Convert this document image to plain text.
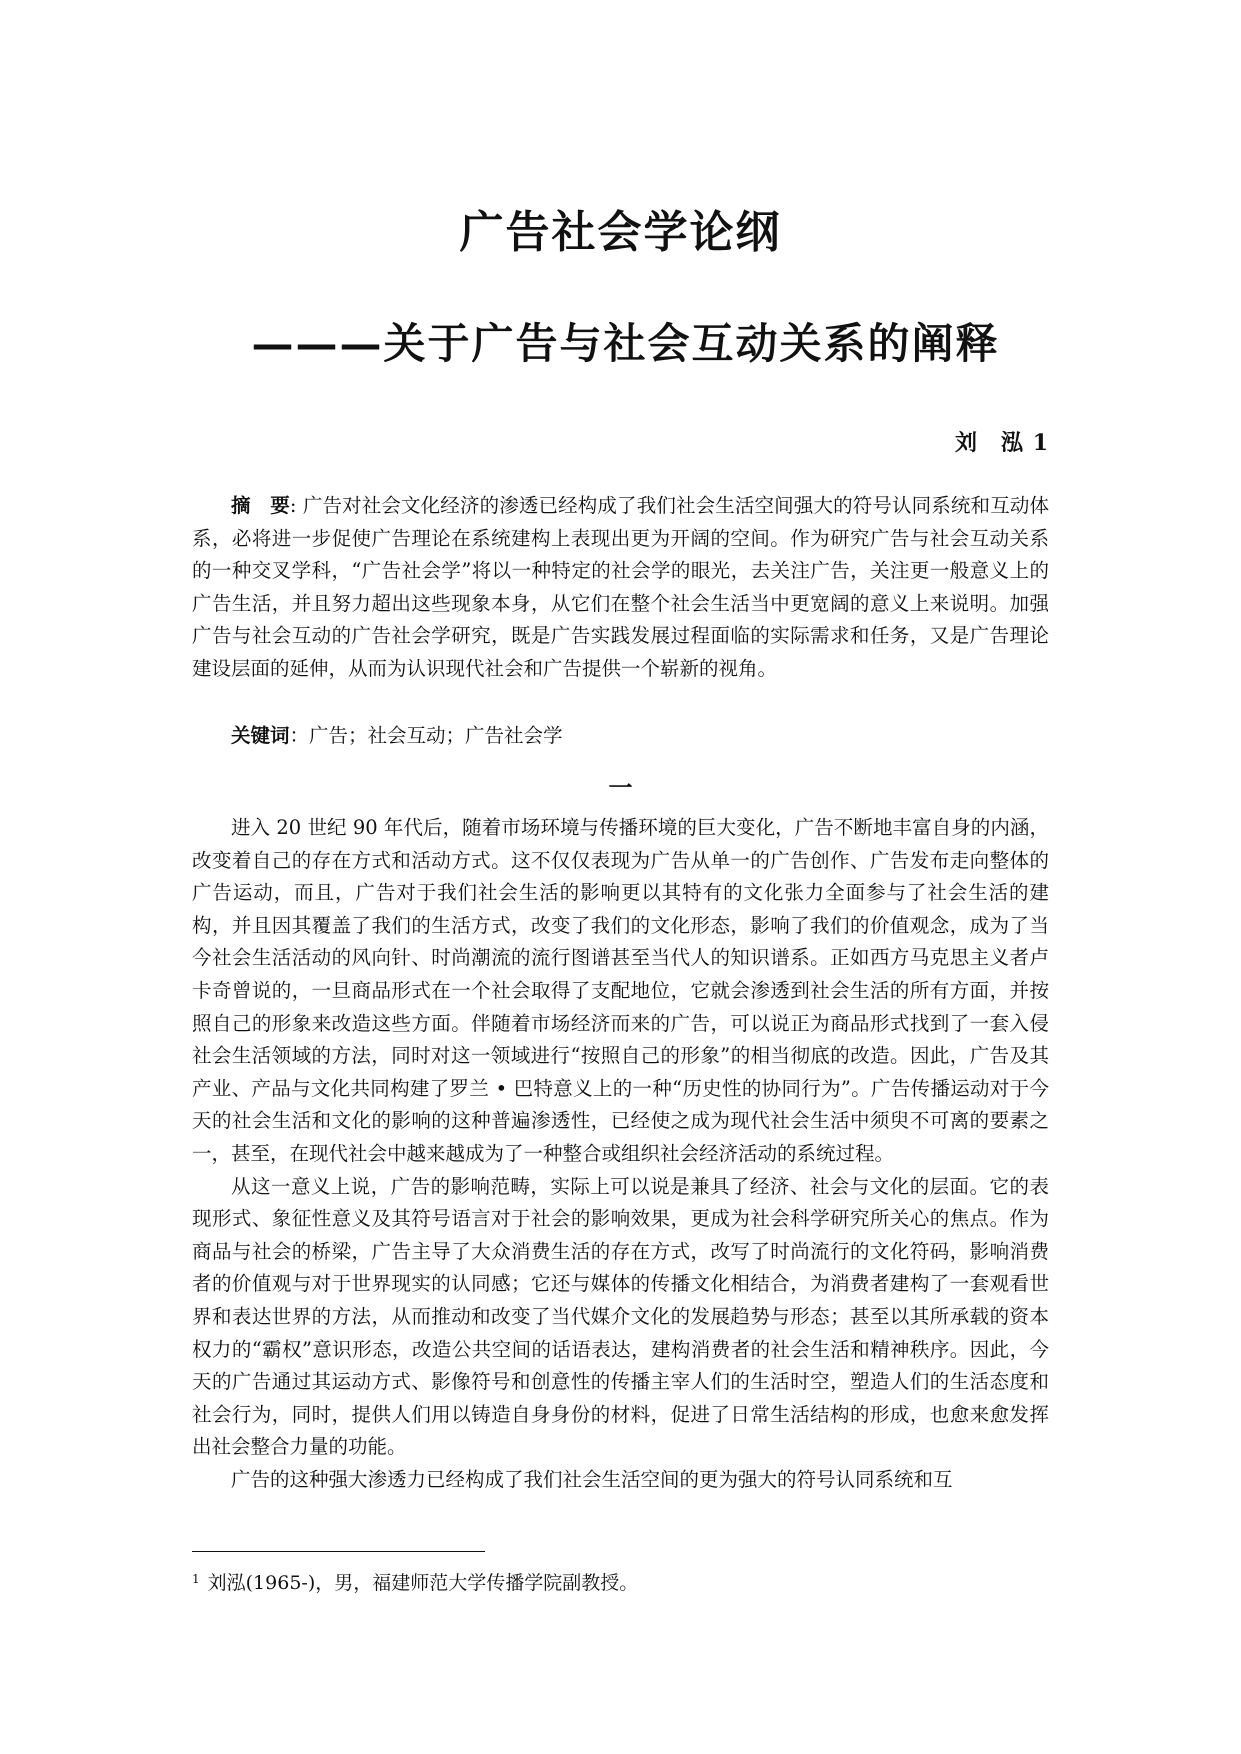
广告社会学论纲
———关于广告与社会互动关系的阐释
刘　泓 1

摘　要: 广告对社会文化经济的渗透已经构成了我们社会生活空间强大的符号认同系统和互动体系，必将进一步促使广告理论在系统建构上表现出更为开阔的空间。作为研究广告与社会互动关系的一种交叉学科，“广告社会学”将以一种特定的社会学的眼光，去关注广告，关注更一般意义上的广告生活，并且努力超出这些现象本身，从它们在整个社会生活当中更宽阔的意义上来说明。加强广告与社会互动的广告社会学研究，既是广告实践发展过程面临的实际需求和任务，又是广告理论建设层面的延伸，从而为认识现代社会和广告提供一个崭新的视角。

关键词：广告；社会互动；广告社会学

一

进入 20 世纪 90 年代后，随着市场环境与传播环境的巨大变化，广告不断地丰富自身的内涵，改变着自己的存在方式和活动方式。这不仅仅表现为广告从单一的广告创作、广告发布走向整体的广告运动，而且，广告对于我们社会生活的影响更以其特有的文化张力全面参与了社会生活的建构，并且因其覆盖了我们的生活方式，改变了我们的文化形态，影响了我们的价值观念，成为了当今社会生活活动的风向针、时尚潮流的流行图谱甚至当代人的知识谱系。正如西方马克思主义者卢卡奇曾说的，一旦商品形式在一个社会取得了支配地位，它就会渗透到社会生活的所有方面，并按照自己的形象来改造这些方面。伴随着市场经济而来的广告，可以说正为商品形式找到了一套入侵社会生活领域的方法，同时对这一领域进行“按照自己的形象”的相当彻底的改造。因此，广告及其产业、产品与文化共同构建了罗兰 • 巴特意义上的一种“历史性的协同行为”。广告传播运动对于今天的社会生活和文化的影响的这种普遍渗透性，已经使之成为现代社会生活中须臾不可离的要素之一，甚至，在现代社会中越来越成为了一种整合或组织社会经济活动的系统过程。

从这一意义上说，广告的影响范畴，实际上可以说是兼具了经济、社会与文化的层面。它的表现形式、象征性意义及其符号语言对于社会的影响效果，更成为社会科学研究所关心的焦点。作为商品与社会的桥梁，广告主导了大众消费生活的存在方式，改写了时尚流行的文化符码，影响消费者的价值观与对于世界现实的认同感；它还与媒体的传播文化相结合，为消费者建构了一套观看世界和表达世界的方法，从而推动和改变了当代媒介文化的发展趋势与形态；甚至以其所承载的资本权力的“霸权”意识形态，改造公共空间的话语表达，建构消费者的社会生活和精神秩序。因此，今天的广告通过其运动方式、影像符号和创意性的传播主宰人们的生活时空，塑造人们的生活态度和社会行为，同时，提供人们用以铸造自身身份的材料，促进了日常生活结构的形成，也愈来愈发挥出社会整合力量的功能。

广告的这种强大渗透力已经构成了我们社会生活空间的更为强大的符号认同系统和互

$^1$ 刘泓(1965-)，男，福建师范大学传播学院副教授。
